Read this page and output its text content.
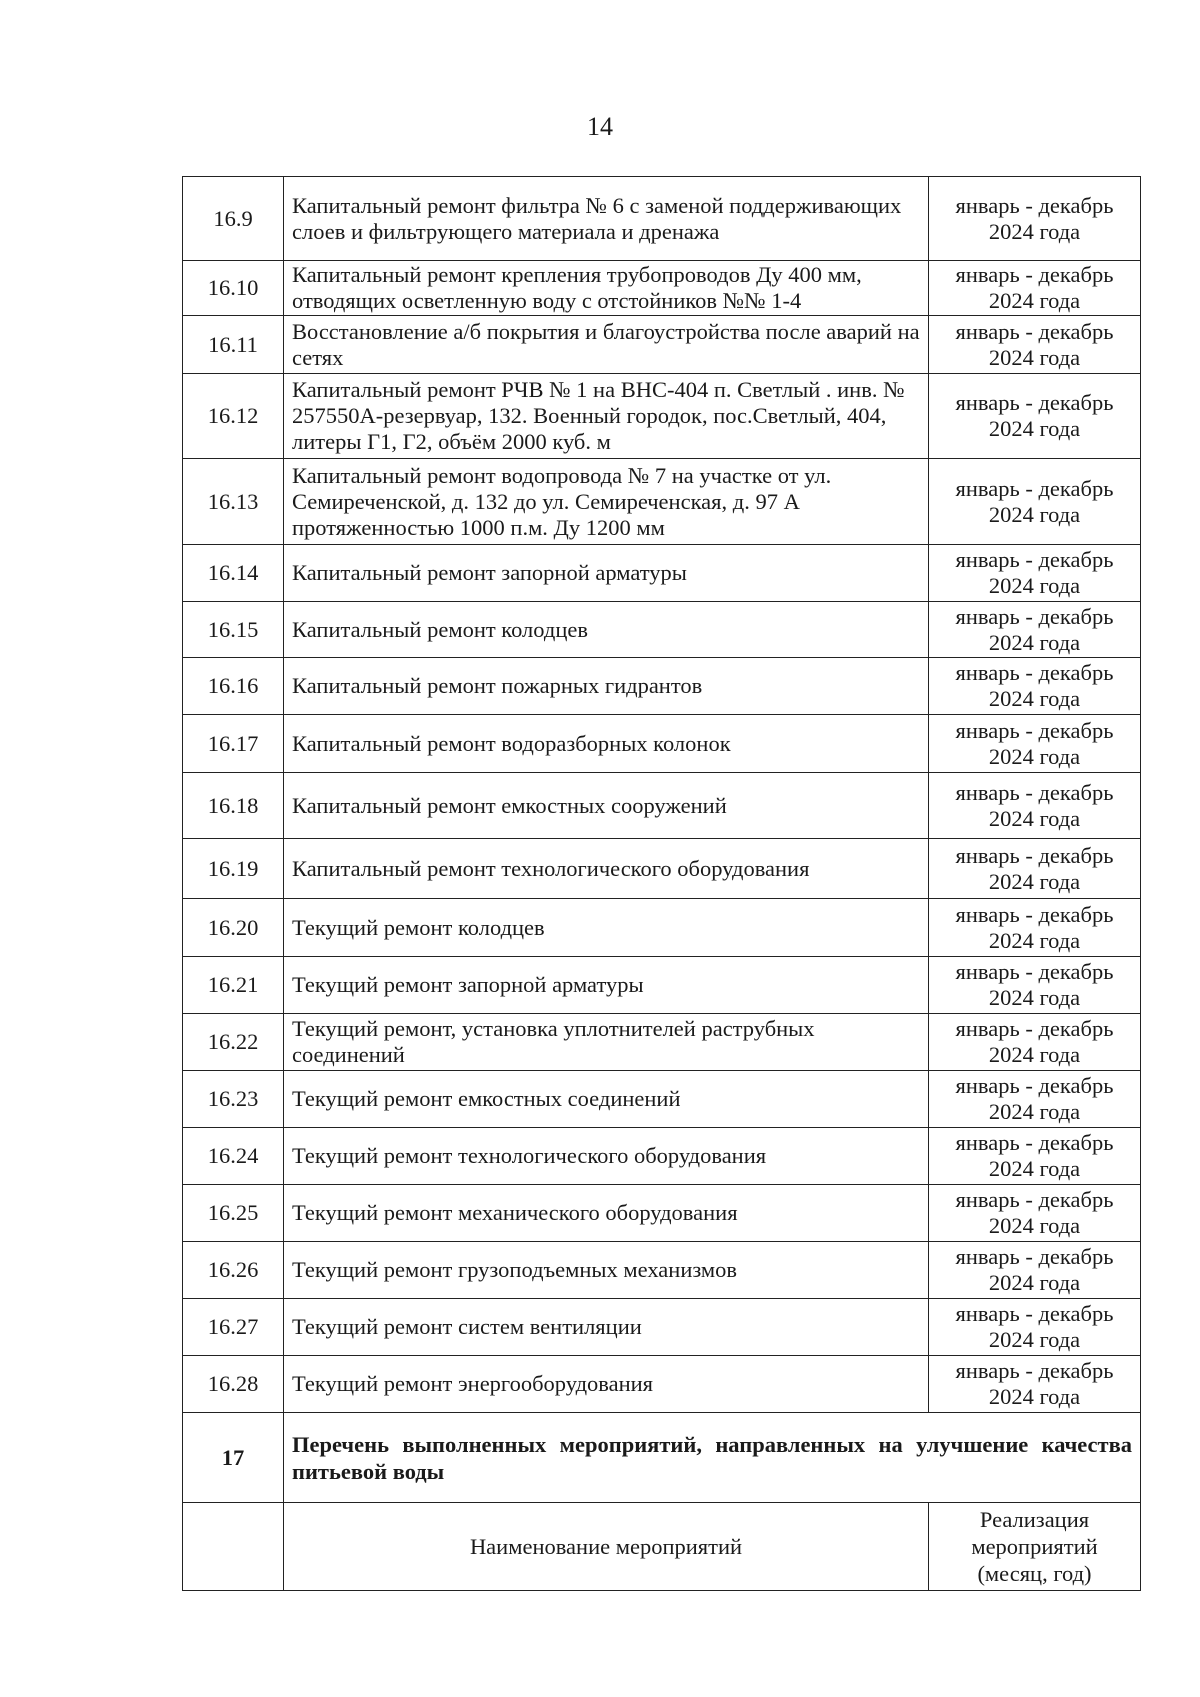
14
16.9	Капитальный ремонт фильтра № 6 с заменой поддерживающих слоев и фильтрующего материала и дренажа	январь - декабрь 2024 года
16.10	Капитальный ремонт крепления трубопроводов Ду 400 мм, отводящих осветленную воду с отстойников №№ 1-4	январь - декабрь 2024 года
16.11	Восстановление а/б покрытия и благоустройства после аварий на сетях	январь - декабрь 2024 года
16.12	Капитальный ремонт РЧВ № 1 на ВНС-404 п. Светлый . инв. № 257550А-резервуар, 132. Военный городок, пос.Светлый, 404, литеры Г1, Г2, объём 2000 куб. м	январь - декабрь 2024 года
16.13	Капитальный ремонт водопровода № 7 на участке от ул. Семиреченской, д. 132 до ул. Семиреченская, д. 97 А протяженностью 1000 п.м. Ду 1200 мм	январь - декабрь 2024 года
16.14	Капитальный ремонт запорной арматуры	январь - декабрь 2024 года
16.15	Капитальный ремонт колодцев	январь - декабрь 2024 года
16.16	Капитальный ремонт пожарных гидрантов	январь - декабрь 2024 года
16.17	Капитальный ремонт водоразборных колонок	январь - декабрь 2024 года
16.18	Капитальный ремонт емкостных сооружений	январь - декабрь 2024 года
16.19	Капитальный ремонт технологического оборудования	январь - декабрь 2024 года
16.20	Текущий ремонт колодцев	январь - декабрь 2024 года
16.21	Текущий ремонт запорной арматуры	январь - декабрь 2024 года
16.22	Текущий ремонт, установка уплотнителей раструбных соединений	январь - декабрь 2024 года
16.23	Текущий ремонт емкостных соединений	январь - декабрь 2024 года
16.24	Текущий ремонт технологического оборудования	январь - декабрь 2024 года
16.25	Текущий ремонт механического оборудования	январь - декабрь 2024 года
16.26	Текущий ремонт грузоподъемных механизмов	январь - декабрь 2024 года
16.27	Текущий ремонт систем вентиляции	январь - декабрь 2024 года
16.28	Текущий ремонт энергооборудования	январь - декабрь 2024 года
17	Перечень выполненных мероприятий, направленных на улучшение качества питьевой воды	
	Наименование мероприятий	Реализация мероприятий (месяц, год)
